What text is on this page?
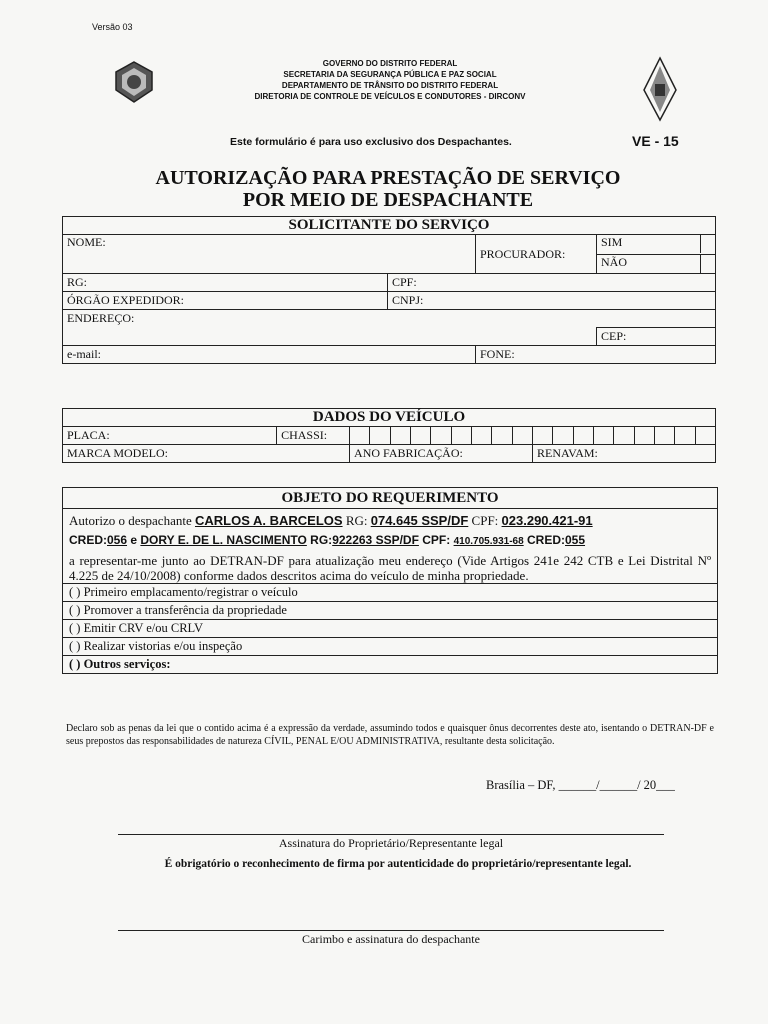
Versão 03
GOVERNO DO DISTRITO FEDERAL
SECRETARIA DA SEGURANÇA PÚBLICA E PAZ SOCIAL
DEPARTAMENTO DE TRÂNSITO DO DISTRITO FEDERAL
DIRETORIA DE CONTROLE DE VEÍCULOS E CONDUTORES - DIRCONV
Este formulário é para uso exclusivo dos Despachantes.	VE - 15
AUTORIZAÇÃO PARA PRESTAÇÃO DE SERVIÇO
POR MEIO DE DESPACHANTE
SOLICITANTE DO SERVIÇO			
NOME:		PROCURADOR:	SIM

			NÃO

RG:	CPF:		
ÓRGÃO EXPEDIDOR:	CNPJ:		
ENDEREÇO:			
			CEP:
e-mail:		FONE:	
DADOS DO VEÍCULO																			
PLACA:	CHASSI:																		
MARCA MODELO:		ANO FABRICAÇÃO:									RENAVAM:								
OBJETO DO REQUERIMENTO
Autorizo o despachante CARLOS A. BARCELOS RG: 074.645 SSP/DF CPF: 023.290.421-91
CRED:056 e DORY E. DE L. NASCIMENTO RG:922263 SSP/DF CPF: 410.705.931-68 CRED:055
a representar-me junto ao DETRAN-DF para atualização meu endereço (Vide Artigos 241e 242 CTB e Lei Distrital Nº 4.225 de 24/10/2008) conforme dados descritos acima do veículo de minha propriedade.
( ) Primeiro emplacamento/registrar o veículo
( ) Promover a transferência da propriedade
( ) Emitir CRV e/ou CRLV
( ) Realizar vistorias e/ou inspeção
( ) Outros serviços:
Declaro sob as penas da lei que o contido acima é a expressão da verdade, assumindo todos e quaisquer ônus decorrentes deste ato, isentando o DETRAN-DF e seus prepostos das responsabilidades de natureza CÍVIL, PENAL E/OU ADMINISTRATIVA, resultante desta solicitação.
Brasília – DF, ______/______/ 20___
Assinatura do Proprietário/Representante legal
É obrigatório o reconhecimento de firma por autenticidade do proprietário/representante legal.
Carimbo e assinatura do despachante
